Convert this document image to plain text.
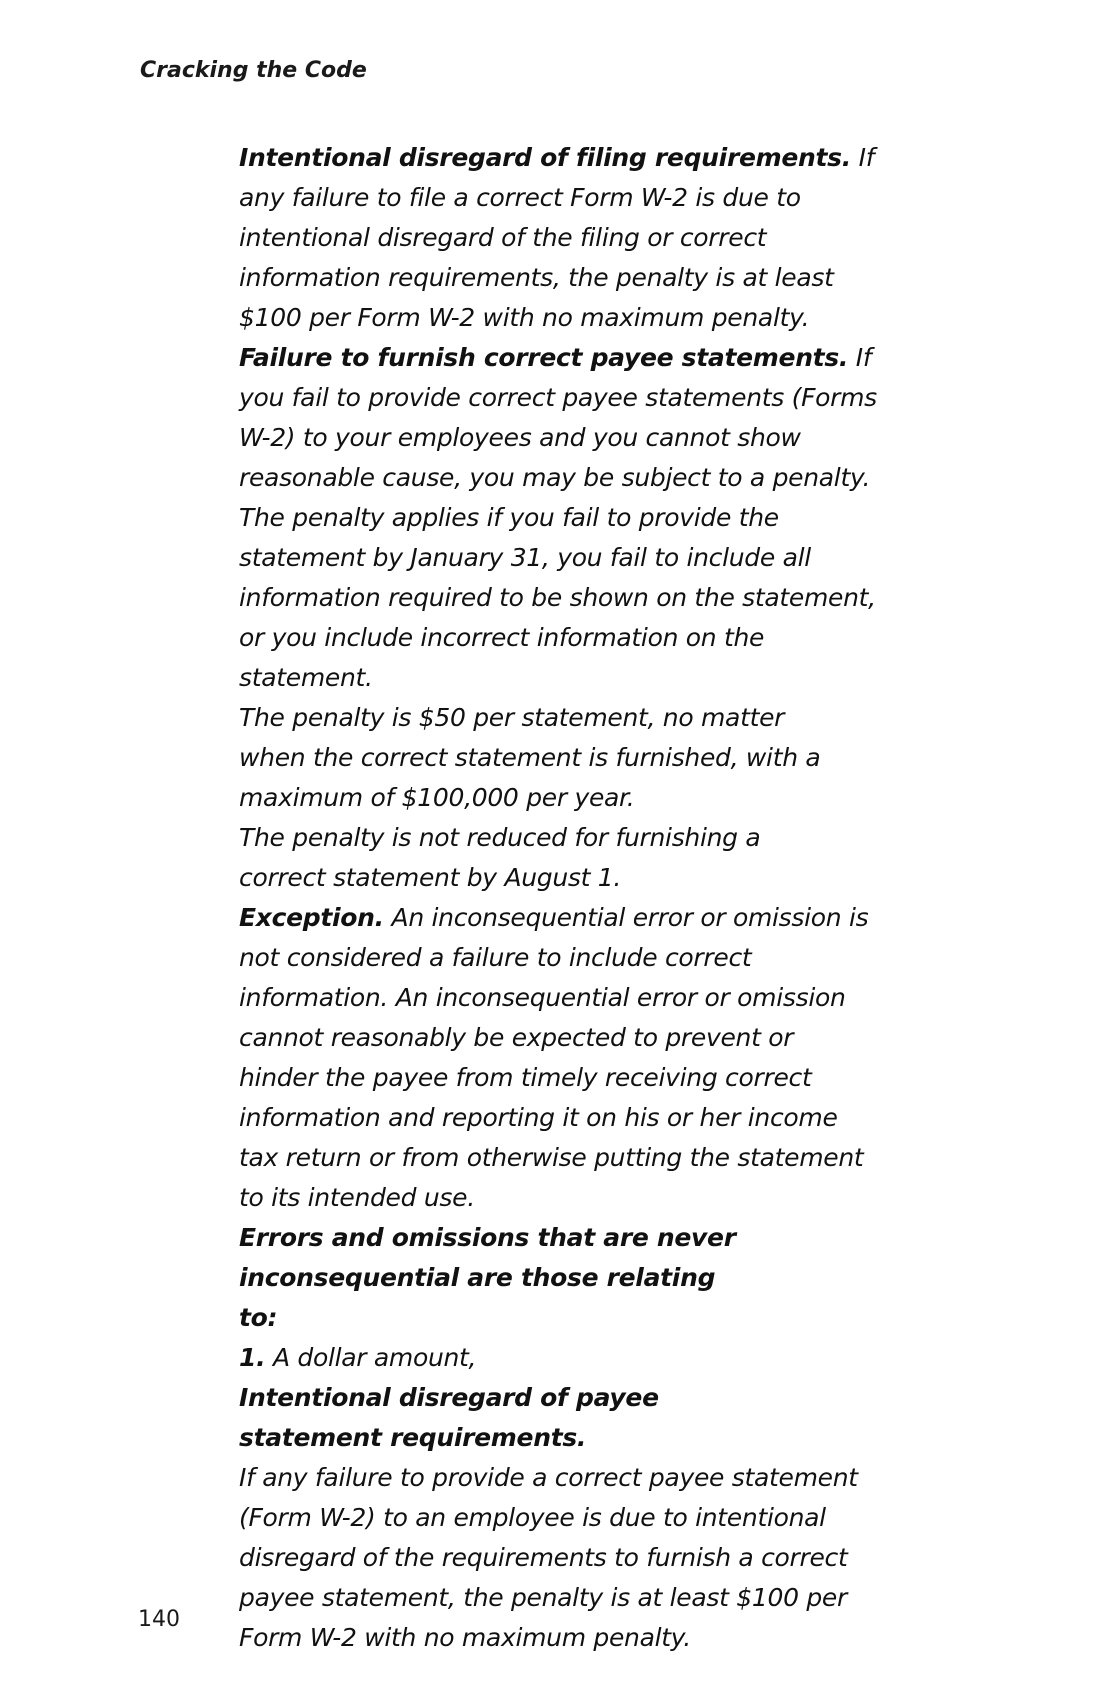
Cracking the Code

Intentional disregard of filing requirements. If any failure to file a correct Form W-2 is due to intentional disregard of the filing or correct information requirements, the penalty is at least $100 per Form W-2 with no maximum penalty.

Failure to furnish correct payee statements. If you fail to provide correct payee statements (Forms W-2) to your employees and you cannot show reasonable cause, you may be subject to a penalty. The penalty applies if you fail to provide the statement by January 31, you fail to include all information required to be shown on the statement, or you include incorrect information on the statement.

The penalty is $50 per statement, no matter when the correct statement is furnished, with a maximum of $100,000 per year.

The penalty is not reduced for furnishing a correct statement by August 1.

Exception. An inconsequential error or omission is not considered a failure to include correct information. An inconsequential error or omission cannot reasonably be expected to prevent or hinder the payee from timely receiving correct information and reporting it on his or her income tax return or from otherwise putting the statement to its intended use.

Errors and omissions that are never inconsequential are those relating to:

1. A dollar amount,

Intentional disregard of payee statement requirements.

If any failure to provide a correct payee statement (Form W-2) to an employee is due to intentional disregard of the requirements to furnish a correct payee statement, the penalty is at least $100 per Form W-2 with no maximum penalty.

140
